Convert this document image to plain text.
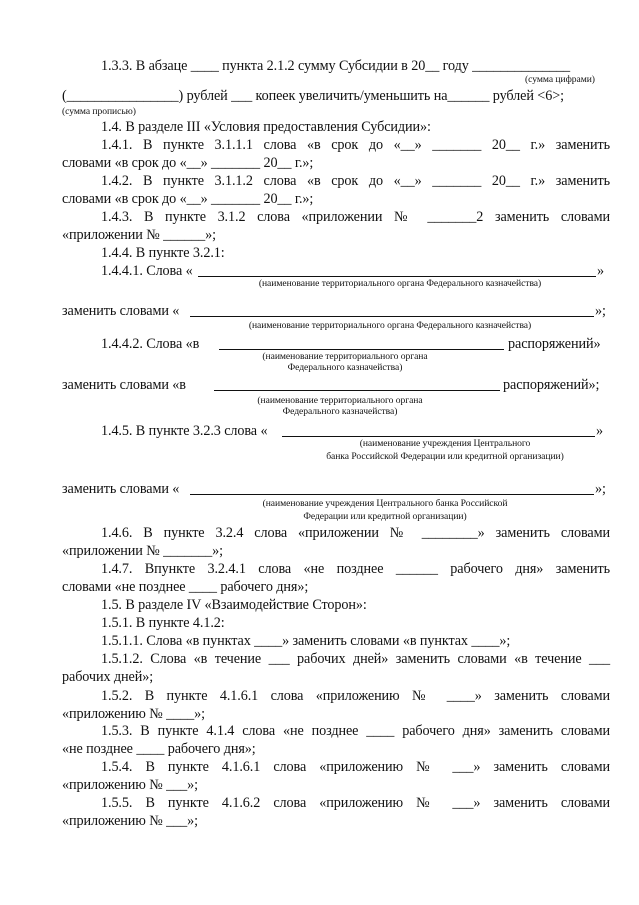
1.3.3. В абзаце ____ пункта 2.1.2 сумму Субсидии в 20__ году ______________
(сумма цифрами)
(________________) рублей ___ копеек увеличить/уменьшить на______ рублей <6>;
(сумма прописью)
1.4. В разделе III «Условия предоставления Субсидии»:
1.4.1. В пункте 3.1.1.1 слова «в срок до «__» _______ 20__ г.» заменить
словами «в срок до «__» _______ 20__ г.»;
1.4.2. В пункте 3.1.1.2 слова «в срок до «__» _______ 20__ г.» заменить
словами «в срок до «__» _______ 20__ г.»;
1.4.3. В пункте 3.1.2 слова «приложении № _______2 заменить словами
«приложении № ______»;
1.4.4. В пункте 3.2.1:
1.4.4.1. Слова «	»
(наименование территориального органа Федерального казначейства)
заменить словами «	»;
(наименование территориального органа Федерального казначейства)
1.4.4.2. Слова «в	распоряжений»
(наименование территориального органа
Федерального казначейства)
заменить словами «в	распоряжений»;
(наименование территориального органа
Федерального казначейства)
1.4.5. В пункте 3.2.3 слова «	»
(наименование учреждения Центрального
банка Российской Федерации или кредитной организации)
заменить словами «	»;
(наименование учреждения Центрального банка Российской
Федерации или кредитной организации)
1.4.6. В пункте 3.2.4 слова «приложении № ________» заменить словами
«приложении № _______»;
1.4.7. Впункте 3.2.4.1 слова «не позднее ______ рабочего дня» заменить
словами «не позднее ____ рабочего дня»;
1.5. В разделе IV «Взаимодействие Сторон»:
1.5.1. В пункте 4.1.2:
1.5.1.1. Слова «в пунктах ____» заменить словами «в пунктах ____»;
1.5.1.2. Слова «в течение ___ рабочих дней» заменить словами «в течение ___
рабочих дней»;
1.5.2. В пункте 4.1.6.1 слова «приложению № ____» заменить словами
«приложению № ____»;
1.5.3. В пункте 4.1.4 слова «не позднее ____ рабочего дня» заменить словами
«не позднее ____ рабочего дня»;
1.5.4. В пункте 4.1.6.1 слова «приложению № ___» заменить словами
«приложению № ___»;
1.5.5. В пункте 4.1.6.2 слова «приложению № ___» заменить словами
«приложению № ___»;
